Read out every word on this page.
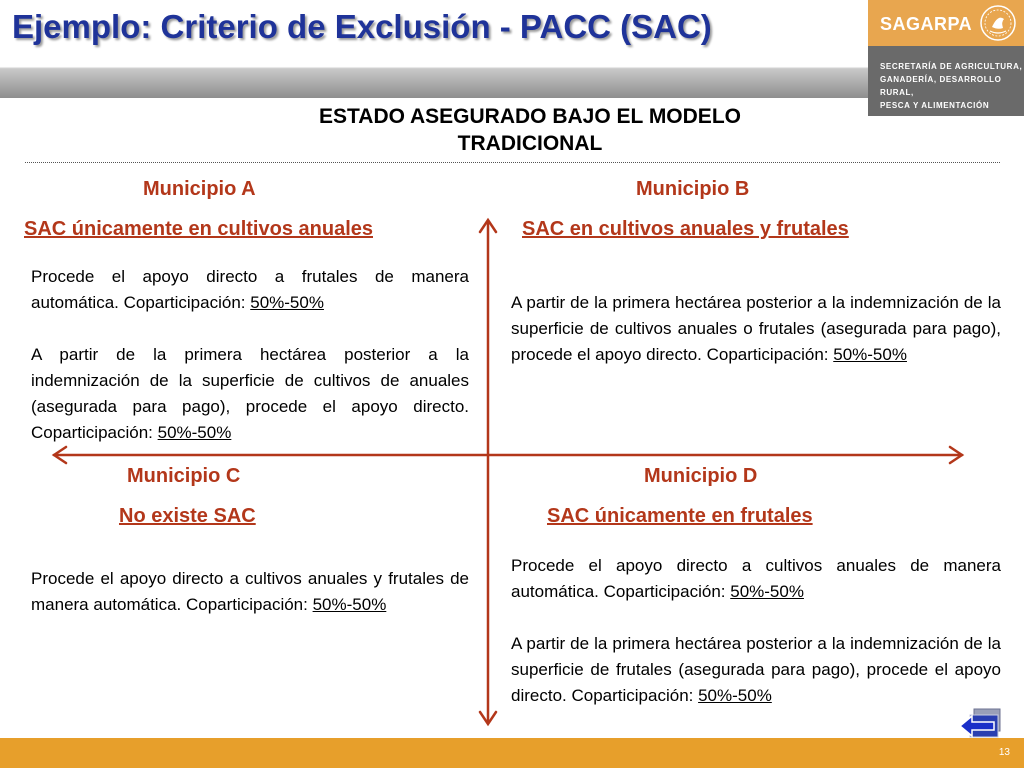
Ejemplo: Criterio de Exclusión - PACC (SAC)	SAGARPA
SECRETARÍA DE AGRICULTURA,
GANADERÍA, DESARROLLO RURAL,
PESCA Y ALIMENTACIÓN
ESTADO ASEGURADO BAJO EL MODELO
TRADICIONAL
Municipio A
SAC únicamente en cultivos anuales

Procede el apoyo directo a frutales de manera automática. Coparticipación: 50%-50%

A partir de la primera hectárea posterior a la indemnización de la superficie de cultivos de anuales (asegurada para pago), procede el apoyo directo. Coparticipación: 50%-50%

Municipio B
SAC en cultivos anuales y frutales

A partir de la primera hectárea posterior a la indemnización de la superficie de cultivos anuales o frutales (asegurada para pago), procede el apoyo directo. Coparticipación: 50%-50%

Municipio C
No existe SAC

Procede el apoyo directo a cultivos anuales y frutales de manera automática. Coparticipación: 50%-50%

Municipio D
SAC únicamente en frutales

Procede el apoyo directo a cultivos anuales de manera automática. Coparticipación: 50%-50%

A partir de la primera hectárea posterior a la indemnización de la superficie de frutales (asegurada para pago), procede el apoyo directo. Coparticipación: 50%-50%

13
